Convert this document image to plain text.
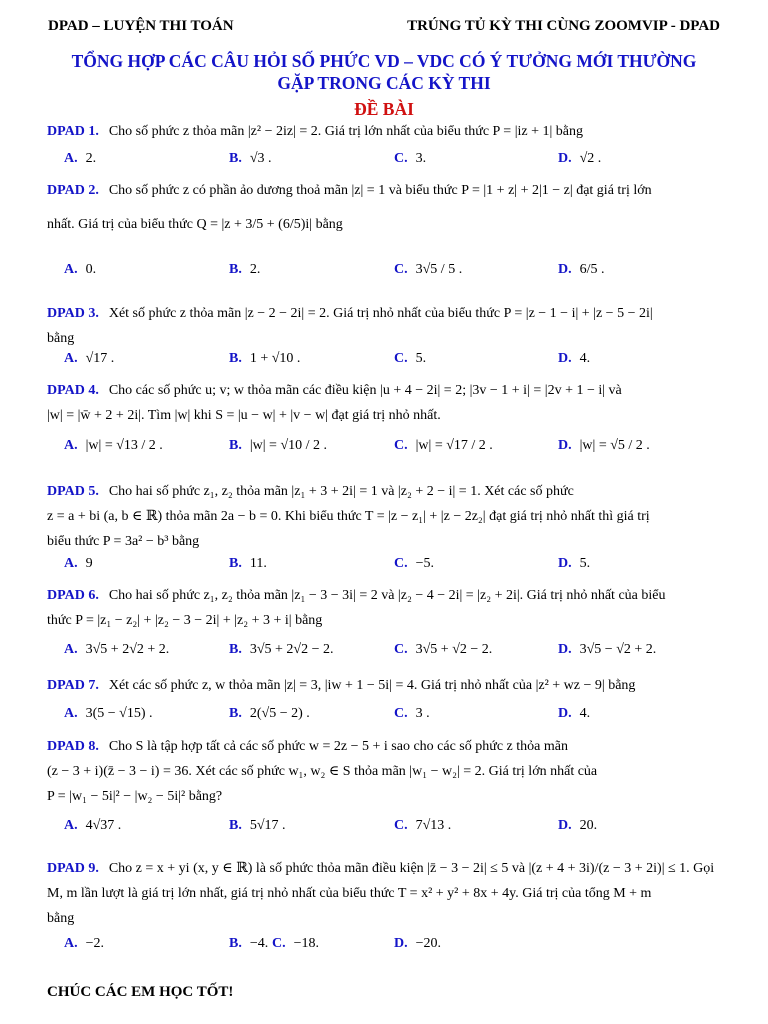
DPAD – LUYỆN THI TOÁN	TRÚNG TỦ KỲ THI CÙNG ZOOMVIP - DPAD
TỔNG HỢP CÁC CÂU HỎI SỐ PHỨC VD – VDC CÓ Ý TƯỞNG MỚI THƯỜNG
GẶP TRONG CÁC KỲ THI
ĐỀ BÀI
DPAD 1. Cho số phức z thỏa mãn |z² − 2iz| = 2. Giá trị lớn nhất của biểu thức P = |iz + 1| bằng
A. 2.	B. √3 .	C. 3.	D. √2 .
DPAD 2. Cho số phức z có phần ảo dương thoả mãn |z| = 1 và biểu thức P = |1 + z| + 2|1 − z| đạt giá trị lớn
nhất. Giá trị của biểu thức Q = |z + 3/5 + (6/5)i| bằng
A. 0.	B. 2.	C. 3√5 / 5 .	D. 6/5 .
DPAD 3. Xét số phức z thỏa mãn |z − 2 − 2i| = 2. Giá trị nhỏ nhất của biểu thức P = |z − 1 − i| + |z − 5 − 2i|
bằng
A. √17 .	B. 1 + √10 .	C. 5.	D. 4.
DPAD 4. Cho các số phức u; v; w thỏa mãn các điều kiện |u + 4 − 2i| = 2; |3v − 1 + i| = |2v + 1 − i| và
|w| = |w̄ + 2 + 2i|. Tìm |w| khi S = |u − w| + |v − w| đạt giá trị nhỏ nhất.
A. |w| = √13 / 2 .	B. |w| = √10 / 2 .	C. |w| = √17 / 2 .	D. |w| = √5 / 2 .
DPAD 5. Cho hai số phức z₁, z₂ thỏa mãn |z₁ + 3 + 2i| = 1 và |z₂ + 2 − i| = 1. Xét các số phức
z = a + bi (a, b ∈ ℝ) thỏa mãn 2a − b = 0. Khi biểu thức T = |z − z₁| + |z − 2z₂| đạt giá trị nhỏ nhất thì giá trị
biểu thức P = 3a² − b³ bằng
A. 9	B. 11.	C. −5.	D. 5.
DPAD 6. Cho hai số phức z₁, z₂ thỏa mãn |z₁ − 3 − 3i| = 2 và |z₂ − 4 − 2i| = |z₂ + 2i|. Giá trị nhỏ nhất của biểu
thức P = |z₁ − z₂| + |z₂ − 3 − 2i| + |z₂ + 3 + i| bằng
A. 3√5 + 2√2 + 2.	B. 3√5 + 2√2 − 2.	C. 3√5 + √2 − 2.	D. 3√5 − √2 + 2.
DPAD 7. Xét các số phức z, w thỏa mãn |z| = 3, |iw + 1 − 5i| = 4. Giá trị nhỏ nhất của |z² + wz − 9| bằng
A. 3(5 − √15) .	B. 2(√5 − 2) .	C. 3 .	D. 4.
DPAD 8. Cho S là tập hợp tất cả các số phức w = 2z − 5 + i sao cho các số phức z thỏa mãn
(z − 3 + i)(z̄ − 3 − i) = 36. Xét các số phức w₁, w₂ ∈ S thỏa mãn |w₁ − w₂| = 2. Giá trị lớn nhất của
P = |w₁ − 5i|² − |w₂ − 5i|² bằng?
A. 4√37 .	B. 5√17 .	C. 7√13 .	D. 20.
DPAD 9. Cho z = x + yi (x, y ∈ ℝ) là số phức thỏa mãn điều kiện |z̄ − 3 − 2i| ≤ 5 và |(z + 4 + 3i)/(z − 3 + 2i)| ≤ 1. Gọi
M, m lần lượt là giá trị lớn nhất, giá trị nhỏ nhất của biểu thức T = x² + y² + 8x + 4y. Giá trị của tổng M + m
bằng
A. −2.	B. −4. C. −18.	D. −20.
CHÚC CÁC EM HỌC TỐT!
